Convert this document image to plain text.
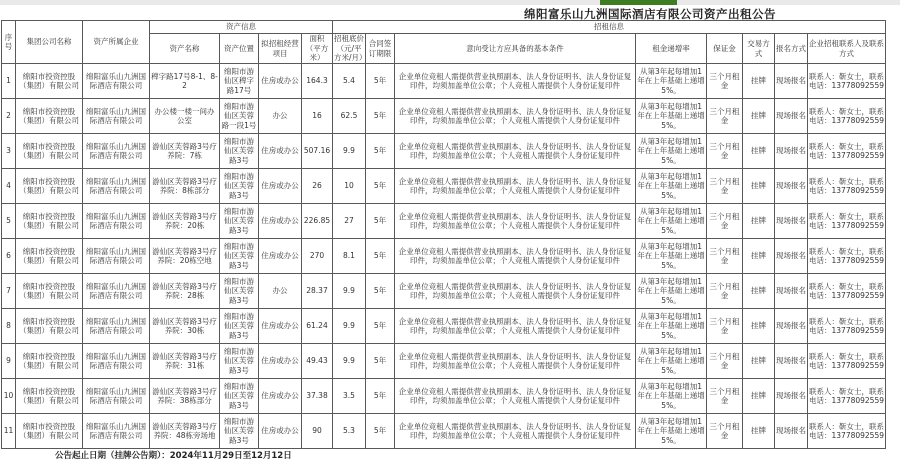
绵阳富乐山九洲国际酒店有限公司资产出租公告
序号	集团公司名称	资产所属企业	资产信息				招租信息							
			资产名称	资产位置	拟招租经营项目	面积（平方米）	招租底价（元/平方米/月）	合同签订期限	意向受让方应具备的基本条件	租金递增率	保证金	交易方式	报名方式	企业招租联系人及联系方式
1	绵阳市投资控股（集团）有限公司	绵阳富乐山九洲国际酒店有限公司	稗字路17号8-1、8-2	绵阳市游仙区稗字路17号	住房或办公	164.3	5.4	5年	企业单位竞租人需提供营业执照副本、法人身份证明书、法人身份证复印件，均须加盖单位公章；个人竞租人需提供个人身份证复印件	从第3年起每增加1年在上年基础上递增5%。	三个月租金	挂牌	现场报名	联系人：靳女士，联系电话：13778092559
2	绵阳市投资控股（集团）有限公司	绵阳富乐山九洲国际酒店有限公司	办公楼一楼一间办公室	绵阳市游仙区芙蓉路一段1号	办公	16	62.5	5年	企业单位竞租人需提供营业执照副本、法人身份证明书、法人身份证复印件，均须加盖单位公章；个人竞租人需提供个人身份证复印件	从第3年起每增加1年在上年基础上递增5%。	三个月租金	挂牌	现场报名	联系人：靳女士，联系电话：13778092559
3	绵阳市投资控股（集团）有限公司	绵阳富乐山九洲国际酒店有限公司	游仙区芙蓉路3号疗养院：7栋	绵阳市游仙区芙蓉路3号	住房或办公	507.16	9.9	5年	企业单位竞租人需提供营业执照副本、法人身份证明书、法人身份证复印件，均须加盖单位公章；个人竞租人需提供个人身份证复印件	从第3年起每增加1年在上年基础上递增5%。	三个月租金	挂牌	现场报名	联系人：靳女士，联系电话：13778092559
4	绵阳市投资控股（集团）有限公司	绵阳富乐山九洲国际酒店有限公司	游仙区芙蓉路3号疗养院：8栋部分	绵阳市游仙区芙蓉路3号	住房或办公	26	10	5年	企业单位竞租人需提供营业执照副本、法人身份证明书、法人身份证复印件，均须加盖单位公章；个人竞租人需提供个人身份证复印件	从第3年起每增加1年在上年基础上递增5%。	三个月租金	挂牌	现场报名	联系人：靳女士，联系电话：13778092559
5	绵阳市投资控股（集团）有限公司	绵阳富乐山九洲国际酒店有限公司	游仙区芙蓉路3号疗养院：20栋	绵阳市游仙区芙蓉路3号	住房或办公	226.85	27	5年	企业单位竞租人需提供营业执照副本、法人身份证明书、法人身份证复印件，均须加盖单位公章；个人竞租人需提供个人身份证复印件	从第3年起每增加1年在上年基础上递增5%。	三个月租金	挂牌	现场报名	联系人：靳女士，联系电话：13778092559
6	绵阳市投资控股（集团）有限公司	绵阳富乐山九洲国际酒店有限公司	游仙区芙蓉路3号疗养院：20栋空地	绵阳市游仙区芙蓉路3号	住房或办公	270	8.1	5年	企业单位竞租人需提供营业执照副本、法人身份证明书、法人身份证复印件，均须加盖单位公章；个人竞租人需提供个人身份证复印件	从第3年起每增加1年在上年基础上递增5%。	三个月租金	挂牌	现场报名	联系人：靳女士，联系电话：13778092559
7	绵阳市投资控股（集团）有限公司	绵阳富乐山九洲国际酒店有限公司	游仙区芙蓉路3号疗养院：28栋	绵阳市游仙区芙蓉路3号	办公	28.37	9.9	5年	企业单位竞租人需提供营业执照副本、法人身份证明书、法人身份证复印件，均须加盖单位公章；个人竞租人需提供个人身份证复印件	从第3年起每增加1年在上年基础上递增5%。	三个月租金	挂牌	现场报名	联系人：靳女士，联系电话：13778092559
8	绵阳市投资控股（集团）有限公司	绵阳富乐山九洲国际酒店有限公司	游仙区芙蓉路3号疗养院：30栋	绵阳市游仙区芙蓉路3号	住房或办公	61.24	9.9	5年	企业单位竞租人需提供营业执照副本、法人身份证明书、法人身份证复印件，均须加盖单位公章；个人竞租人需提供个人身份证复印件	从第3年起每增加1年在上年基础上递增5%。	三个月租金	挂牌	现场报名	联系人：靳女士，联系电话：13778092559
9	绵阳市投资控股（集团）有限公司	绵阳富乐山九洲国际酒店有限公司	游仙区芙蓉路3号疗养院：31栋	绵阳市游仙区芙蓉路3号	住房或办公	49.43	9.9	5年	企业单位竞租人需提供营业执照副本、法人身份证明书、法人身份证复印件，均须加盖单位公章；个人竞租人需提供个人身份证复印件	从第3年起每增加1年在上年基础上递增5%。	三个月租金	挂牌	现场报名	联系人：靳女士，联系电话：13778092559
10	绵阳市投资控股（集团）有限公司	绵阳富乐山九洲国际酒店有限公司	游仙区芙蓉路3号疗养院：38栋部分	绵阳市游仙区芙蓉路3号	住房或办公	37.38	3.5	5年	企业单位竞租人需提供营业执照副本、法人身份证明书、法人身份证复印件，均须加盖单位公章；个人竞租人需提供个人身份证复印件	从第3年起每增加1年在上年基础上递增5%。	三个月租金	挂牌	现场报名	联系人：靳女士，联系电话：13778092559
11	绵阳市投资控股（集团）有限公司	绵阳富乐山九洲国际酒店有限公司	游仙区芙蓉路3号疗养院：48栋旁场地	绵阳市游仙区芙蓉路3号	住房或办公	90	5.3	5年	企业单位竞租人需提供营业执照副本、法人身份证明书、法人身份证复印件，均须加盖单位公章；个人竞租人需提供个人身份证复印件	从第3年起每增加1年在上年基础上递增5%。	三个月租金	挂牌	现场报名	联系人：靳女士，联系电话：13778092559
公告起止日期（挂牌公告期）：2024年11月29日至12月12日
